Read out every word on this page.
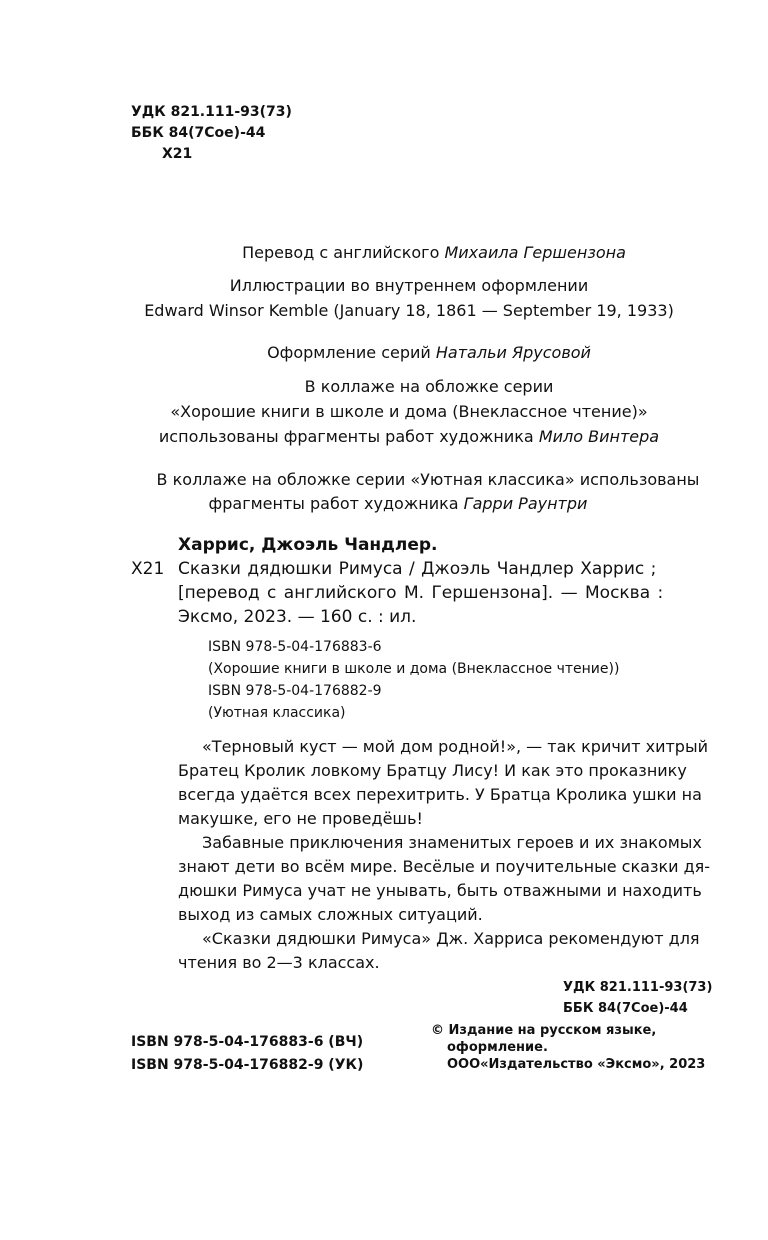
УДК 821.111-93(73)
ББК 84(7Сое)-44
Х21
Перевод с английского Михаила Гершензона
Иллюстрации во внутреннем оформлении
Edward Winsor Kemble (January 18, 1861 — September 19, 1933)
Оформление серий Натальи Ярусовой
В коллаже на обложке серии
«Хорошие книги в школе и дома (Внеклассное чтение)»
использованы фрагменты работ художника Мило Винтера
В коллаже на обложке серии «Уютная классика» использованы
фрагменты работ художника Гарри Раунтри
Харрис, Джоэль Чандлер.
Х21 Сказки дядюшки Римуса / Джоэль Чандлер Харрис ;
[перевод с английского М. Гершензона]. — Москва :
Эксмо, 2023. — 160 с. : ил.
ISBN 978-5-04-176883-6
(Хорошие книги в школе и дома (Внеклассное чтение))
ISBN 978-5-04-176882-9
(Уютная классика)
«Терновый куст — мой дом родной!», — так кричит хитрый
Братец Кролик ловкому Братцу Лису! И как это проказнику
всегда удаётся всех перехитрить. У Братца Кролика ушки на
макушке, его не проведёшь!
Забавные приключения знаменитых героев и их знакомых
знают дети во всём мире. Весёлые и поучительные сказки дя-
дюшки Римуса учат не унывать, быть отважными и находить
выход из самых сложных ситуаций.
«Сказки дядюшки Римуса» Дж. Харриса рекомендуют для
чтения во 2—3 классах.
УДК 821.111-93(73)
ББК 84(7Сое)-44
ISBN 978-5-04-176883-6 (ВЧ)
ISBN 978-5-04-176882-9 (УК)
© Издание на русском языке,
оформление.
ООО«Издательство «Эксмо», 2023
